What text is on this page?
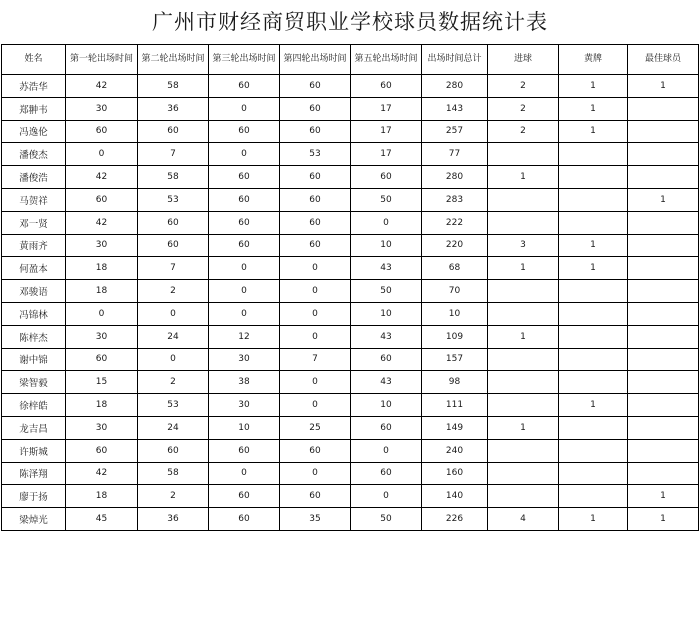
广州市财经商贸职业学校球员数据统计表
姓名	第一轮出场时间	第二轮出场时间	第三轮出场时间	第四轮出场时间	第五轮出场时间	出场时间总计	进球	黄牌	最佳球员
苏浩华	42	58	60	60	60	280	2	1	1
郑翀韦	30	36	0	60	17	143	2	1	
冯逸伦	60	60	60	60	17	257	2	1	
潘俊杰	0	7	0	53	17	77			
潘俊浩	42	58	60	60	60	280	1		
马贺祥	60	53	60	60	50	283			1
邓一贤	42	60	60	60	0	222			
黄雨齐	30	60	60	60	10	220	3	1	
何盈本	18	7	0	0	43	68	1	1	
邓骏语	18	2	0	0	50	70			
冯锦林	0	0	0	0	10	10			
陈梓杰	30	24	12	0	43	109	1		
谢中锦	60	0	30	7	60	157			
梁智毅	15	2	38	0	43	98			
徐梓皓	18	53	30	0	10	111		1	
龙吉昌	30	24	10	25	60	149	1		
许斯城	60	60	60	60	0	240			
陈泽翔	42	58	0	0	60	160			
廖于扬	18	2	60	60	0	140			1
梁焯光	45	36	60	35	50	226	4	1	1
